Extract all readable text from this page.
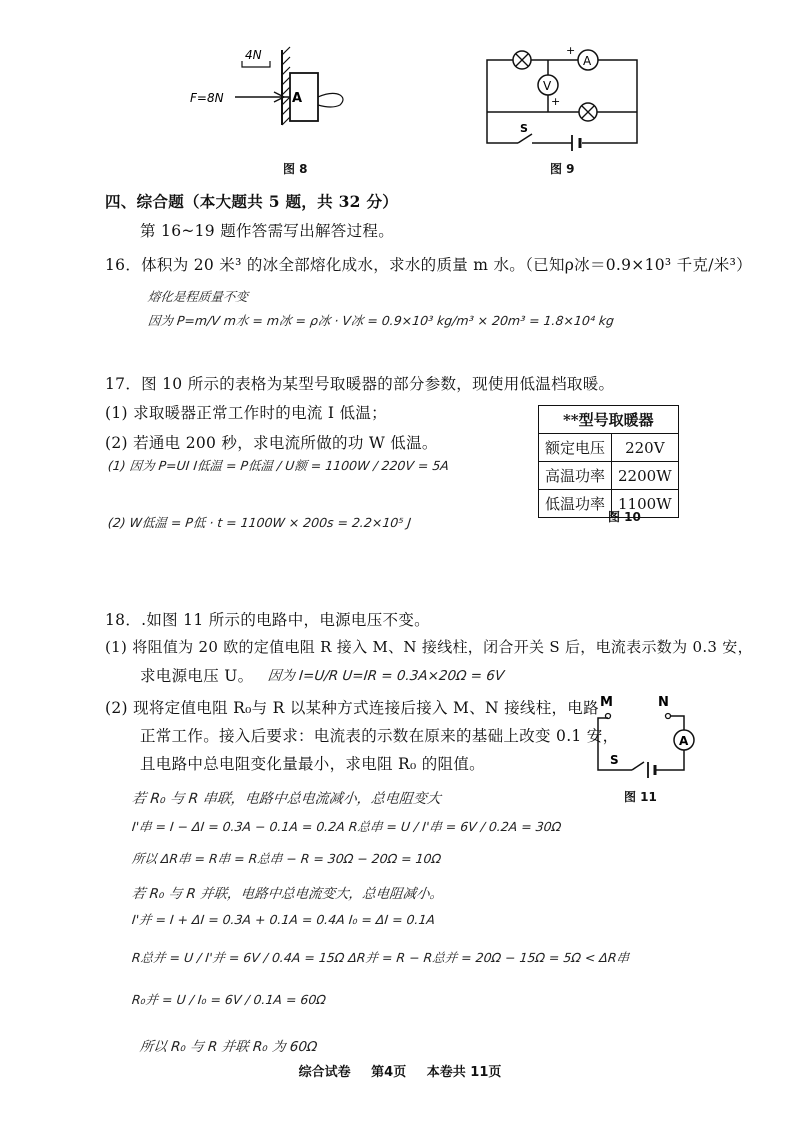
A
4N
F=8N
图 8
A
+
V
+
S
图 9
四、综合题（本大题共 5 题，共 32 分）
第 16~19 题作答需写出解答过程。
16．体积为 20 米³ 的冰全部熔化成水，求水的质量 m 水。（已知ρ冰＝0.9×10³ 千克/米³）
熔化是程质量不变
因为 P=m/V m水 = m冰 = ρ冰 · V冰 = 0.9×10³ kg/m³ × 20m³ = 1.8×10⁴ kg
17．图 10 所示的表格为某型号取暖器的部分参数，现使用低温档取暖。
(1) 求取暖器正常工作时的电流 I 低温；
(2) 若通电 200 秒，求电流所做的功 W 低温。
(1) 因为 P=UI I低温 = P低温 / U额 = 1100W / 220V = 5A
(2) W低温 = P低 · t = 1100W × 200s = 2.2×10⁵ J
**型号取暖器	
额定电压	220V
高温功率	2200W
低温功率	1100W
图 10
18．.如图 11 所示的电路中，电源电压不变。
(1) 将阻值为 20 欧的定值电阻 R 接入 M、N 接线柱，闭合开关 S 后，电流表示数为 0.3 安，
求电源电压 U。 因为 I=U/R U=IR = 0.3A×20Ω = 6V
(2) 现将定值电阻 R₀与 R 以某种方式连接后接入 M、N 接线柱，电路
正常工作。接入后要求：电流表的示数在原来的基础上改变 0.1 安，
且电路中总电阻变化量最小，求电阻 R₀ 的阻值。
若 R₀ 与 R 串联，电路中总电流减小，总电阻变大
I'串 = I − ΔI = 0.3A − 0.1A = 0.2A R总串 = U / I'串 = 6V / 0.2A = 30Ω
所以 ΔR串 = R串 = R总串 − R = 30Ω − 20Ω = 10Ω
若 R₀ 与 R 并联，电路中总电流变大，总电阻减小。
I'并 = I + ΔI = 0.3A + 0.1A = 0.4A I₀ = ΔI = 0.1A
R总并 = U / I'并 = 6V / 0.4A = 15Ω ΔR并 = R − R总并 = 20Ω − 15Ω = 5Ω < ΔR串
R₀并 = U / I₀ = 6V / 0.1A = 60Ω
所以 R₀ 与 R 并联 R₀ 为 60Ω
M	N
A
S
图 11
综合试卷 第4页 本卷共 11页
